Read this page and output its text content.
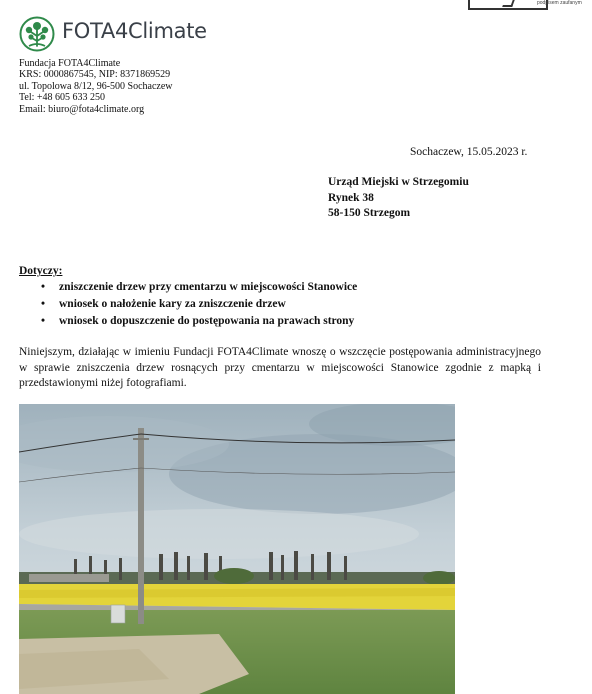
podpisem zaufanym
FOTA4Climate
Fundacja FOTA4Climate
KRS: 0000867545, NIP: 8371869529
ul. Topolowa 8/12, 96-500 Sochaczew
Tel: +48 605 633 250
Email: biuro@fota4climate.org
Sochaczew, 15.05.2023 r.
Urząd Miejski w Strzegomiu
Rynek 38
58-150 Strzegom
Dotyczy:
• zniszczenie drzew przy cmentarzu w miejscowości Stanowice
• wniosek o nałożenie kary za zniszczenie drzew
• wniosek o dopuszczenie do postępowania na prawach strony
Niniejszym, działając w imieniu Fundacji FOTA4Climate wnoszę o wszczęcie postępowania administracyjnego w sprawie zniszczenia drzew rosnących przy cmentarzu w miejscowości Stanowice zgodnie z mapką i przedstawionymi niżej fotografiami.
